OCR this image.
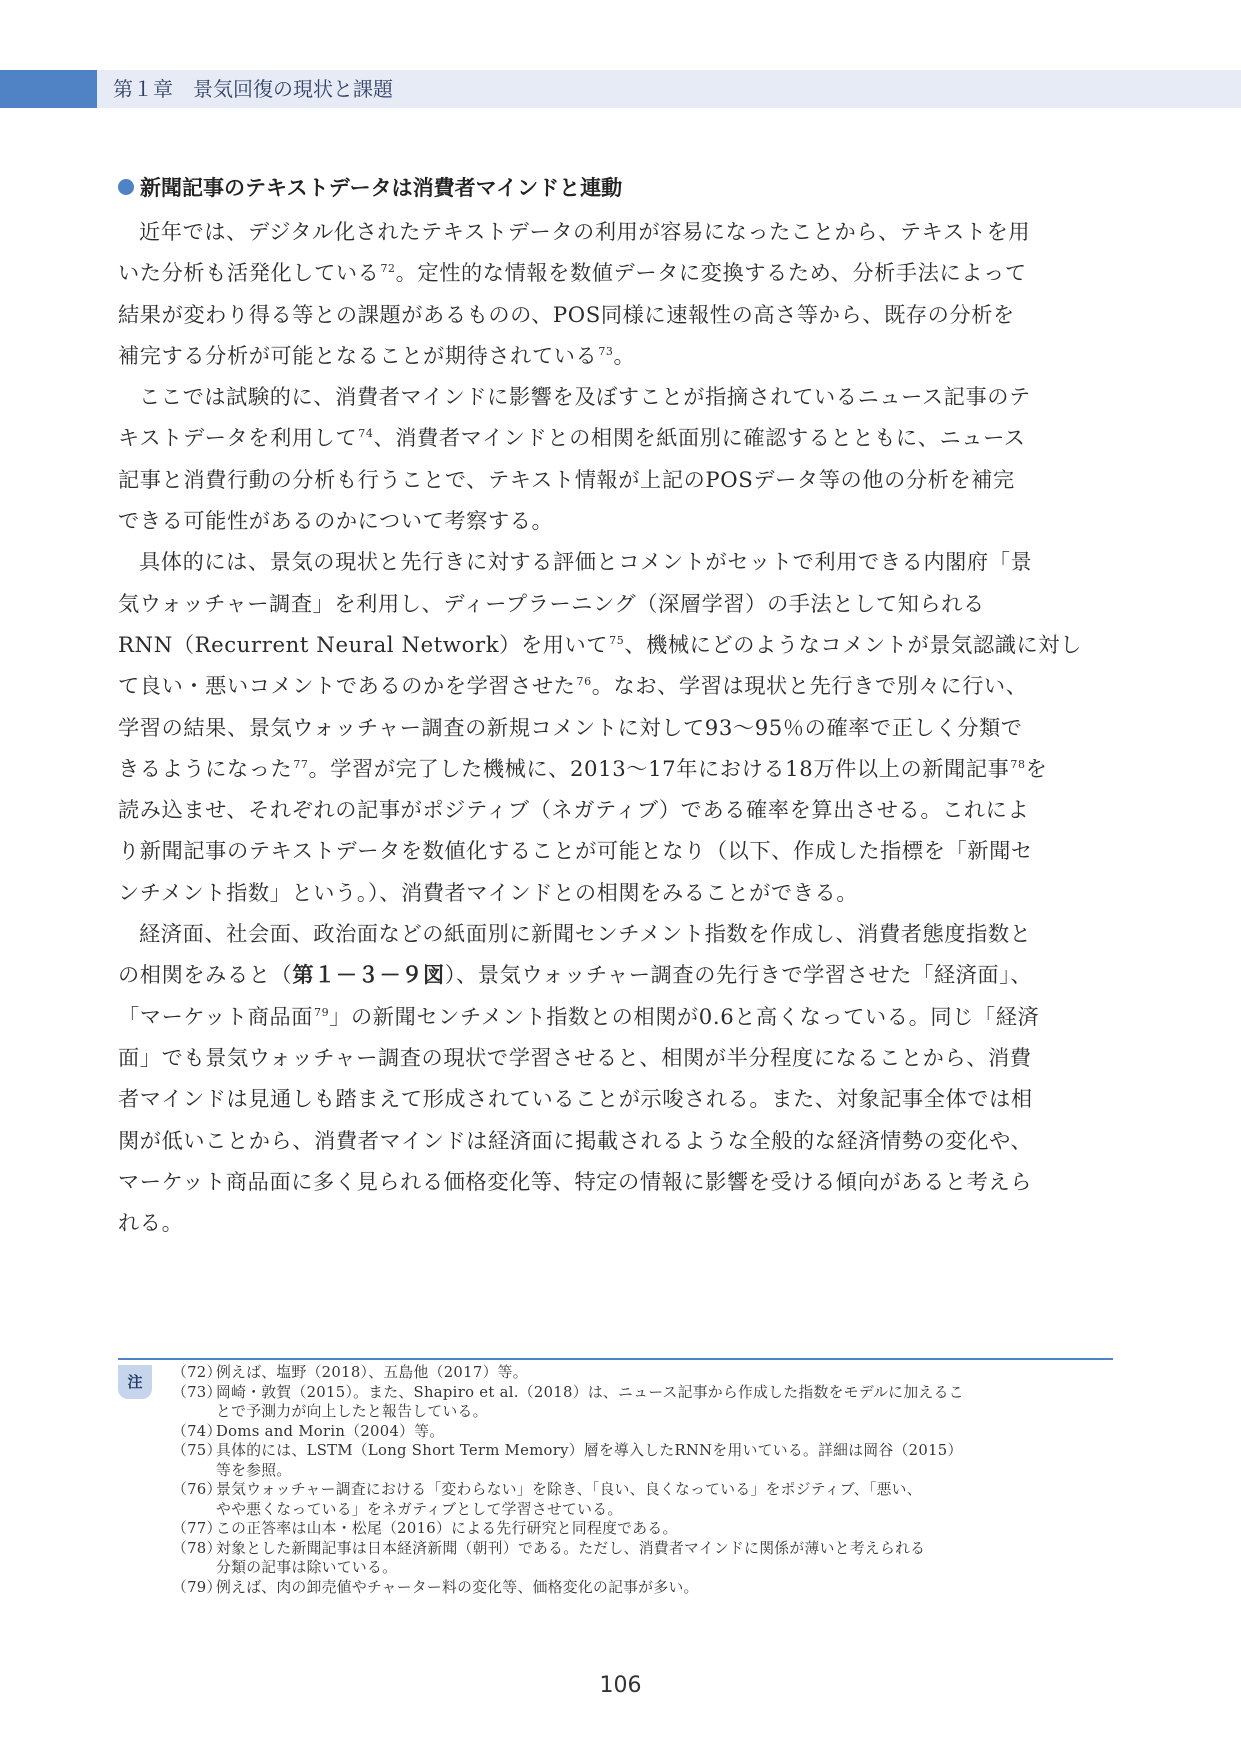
第１章　景気回復の現状と課題
新聞記事のテキストデータは消費者マインドと連動

近年では、デジタル化されたテキストデータの利用が容易になったことから、テキストを用

いた分析も活発化している$^{72}$。定性的な情報を数値データに変換するため、分析手法によって

結果が変わり得る等との課題があるものの、POS同様に速報性の高さ等から、既存の分析を

補完する分析が可能となることが期待されている$^{73}$。

ここでは試験的に、消費者マインドに影響を及ぼすことが指摘されているニュース記事のテ

キストデータを利用して$^{74}$、消費者マインドとの相関を紙面別に確認するとともに、ニュース

記事と消費行動の分析も行うことで、テキスト情報が上記のPOSデータ等の他の分析を補完

できる可能性があるのかについて考察する。

具体的には、景気の現状と先行きに対する評価とコメントがセットで利用できる内閣府「景

気ウォッチャー調査」を利用し、ディープラーニング（深層学習）の手法として知られる

RNN（Recurrent Neural Network）を用いて$^{75}$、機械にどのようなコメントが景気認識に対し

て良い・悪いコメントであるのかを学習させた$^{76}$。なお、学習は現状と先行きで別々に行い、

学習の結果、景気ウォッチャー調査の新規コメントに対して93～95％の確率で正しく分類で

きるようになった$^{77}$。学習が完了した機械に、2013～17年における18万件以上の新聞記事$^{78}$を

読み込ませ、それぞれの記事がポジティブ（ネガティブ）である確率を算出させる。これによ

り新聞記事のテキストデータを数値化することが可能となり（以下、作成した指標を「新聞セ

ンチメント指数」という。）、消費者マインドとの相関をみることができる。

経済面、社会面、政治面などの紙面別に新聞センチメント指数を作成し、消費者態度指数と

の相関をみると（第１－３－９図）、景気ウォッチャー調査の先行きで学習させた「経済面」、

「マーケット商品面$^{79}$」の新聞センチメント指数との相関が0.6と高くなっている。同じ「経済

面」でも景気ウォッチャー調査の現状で学習させると、相関が半分程度になることから、消費

者マインドは見通しも踏まえて形成されていることが示唆される。また、対象記事全体では相

関が低いことから、消費者マインドは経済面に掲載されるような全般的な経済情勢の変化や、

マーケット商品面に多く見られる価格変化等、特定の情報に影響を受ける傾向があると考えら

れる。

注
（72）
例えば、塩野（2018）、五島他（2017）等。
（73）
岡崎・敦賀（2015）。また、Shapiro et al.（2018）は、ニュース記事から作成した指数をモデルに加えるこ
とで予測力が向上したと報告している。
（74）
Doms and Morin（2004）等。
（75）
具体的には、LSTM（Long Short Term Memory）層を導入したRNNを用いている。詳細は岡谷（2015）
等を参照。
（76）
景気ウォッチャー調査における「変わらない」を除き、「良い、良くなっている」をポジティブ、「悪い、
やや悪くなっている」をネガティブとして学習させている。
（77）
この正答率は山本・松尾（2016）による先行研究と同程度である。
（78）
対象とした新聞記事は日本経済新聞（朝刊）である。ただし、消費者マインドに関係が薄いと考えられる
分類の記事は除いている。
（79）
例えば、肉の卸売値やチャーター料の変化等、価格変化の記事が多い。
106
